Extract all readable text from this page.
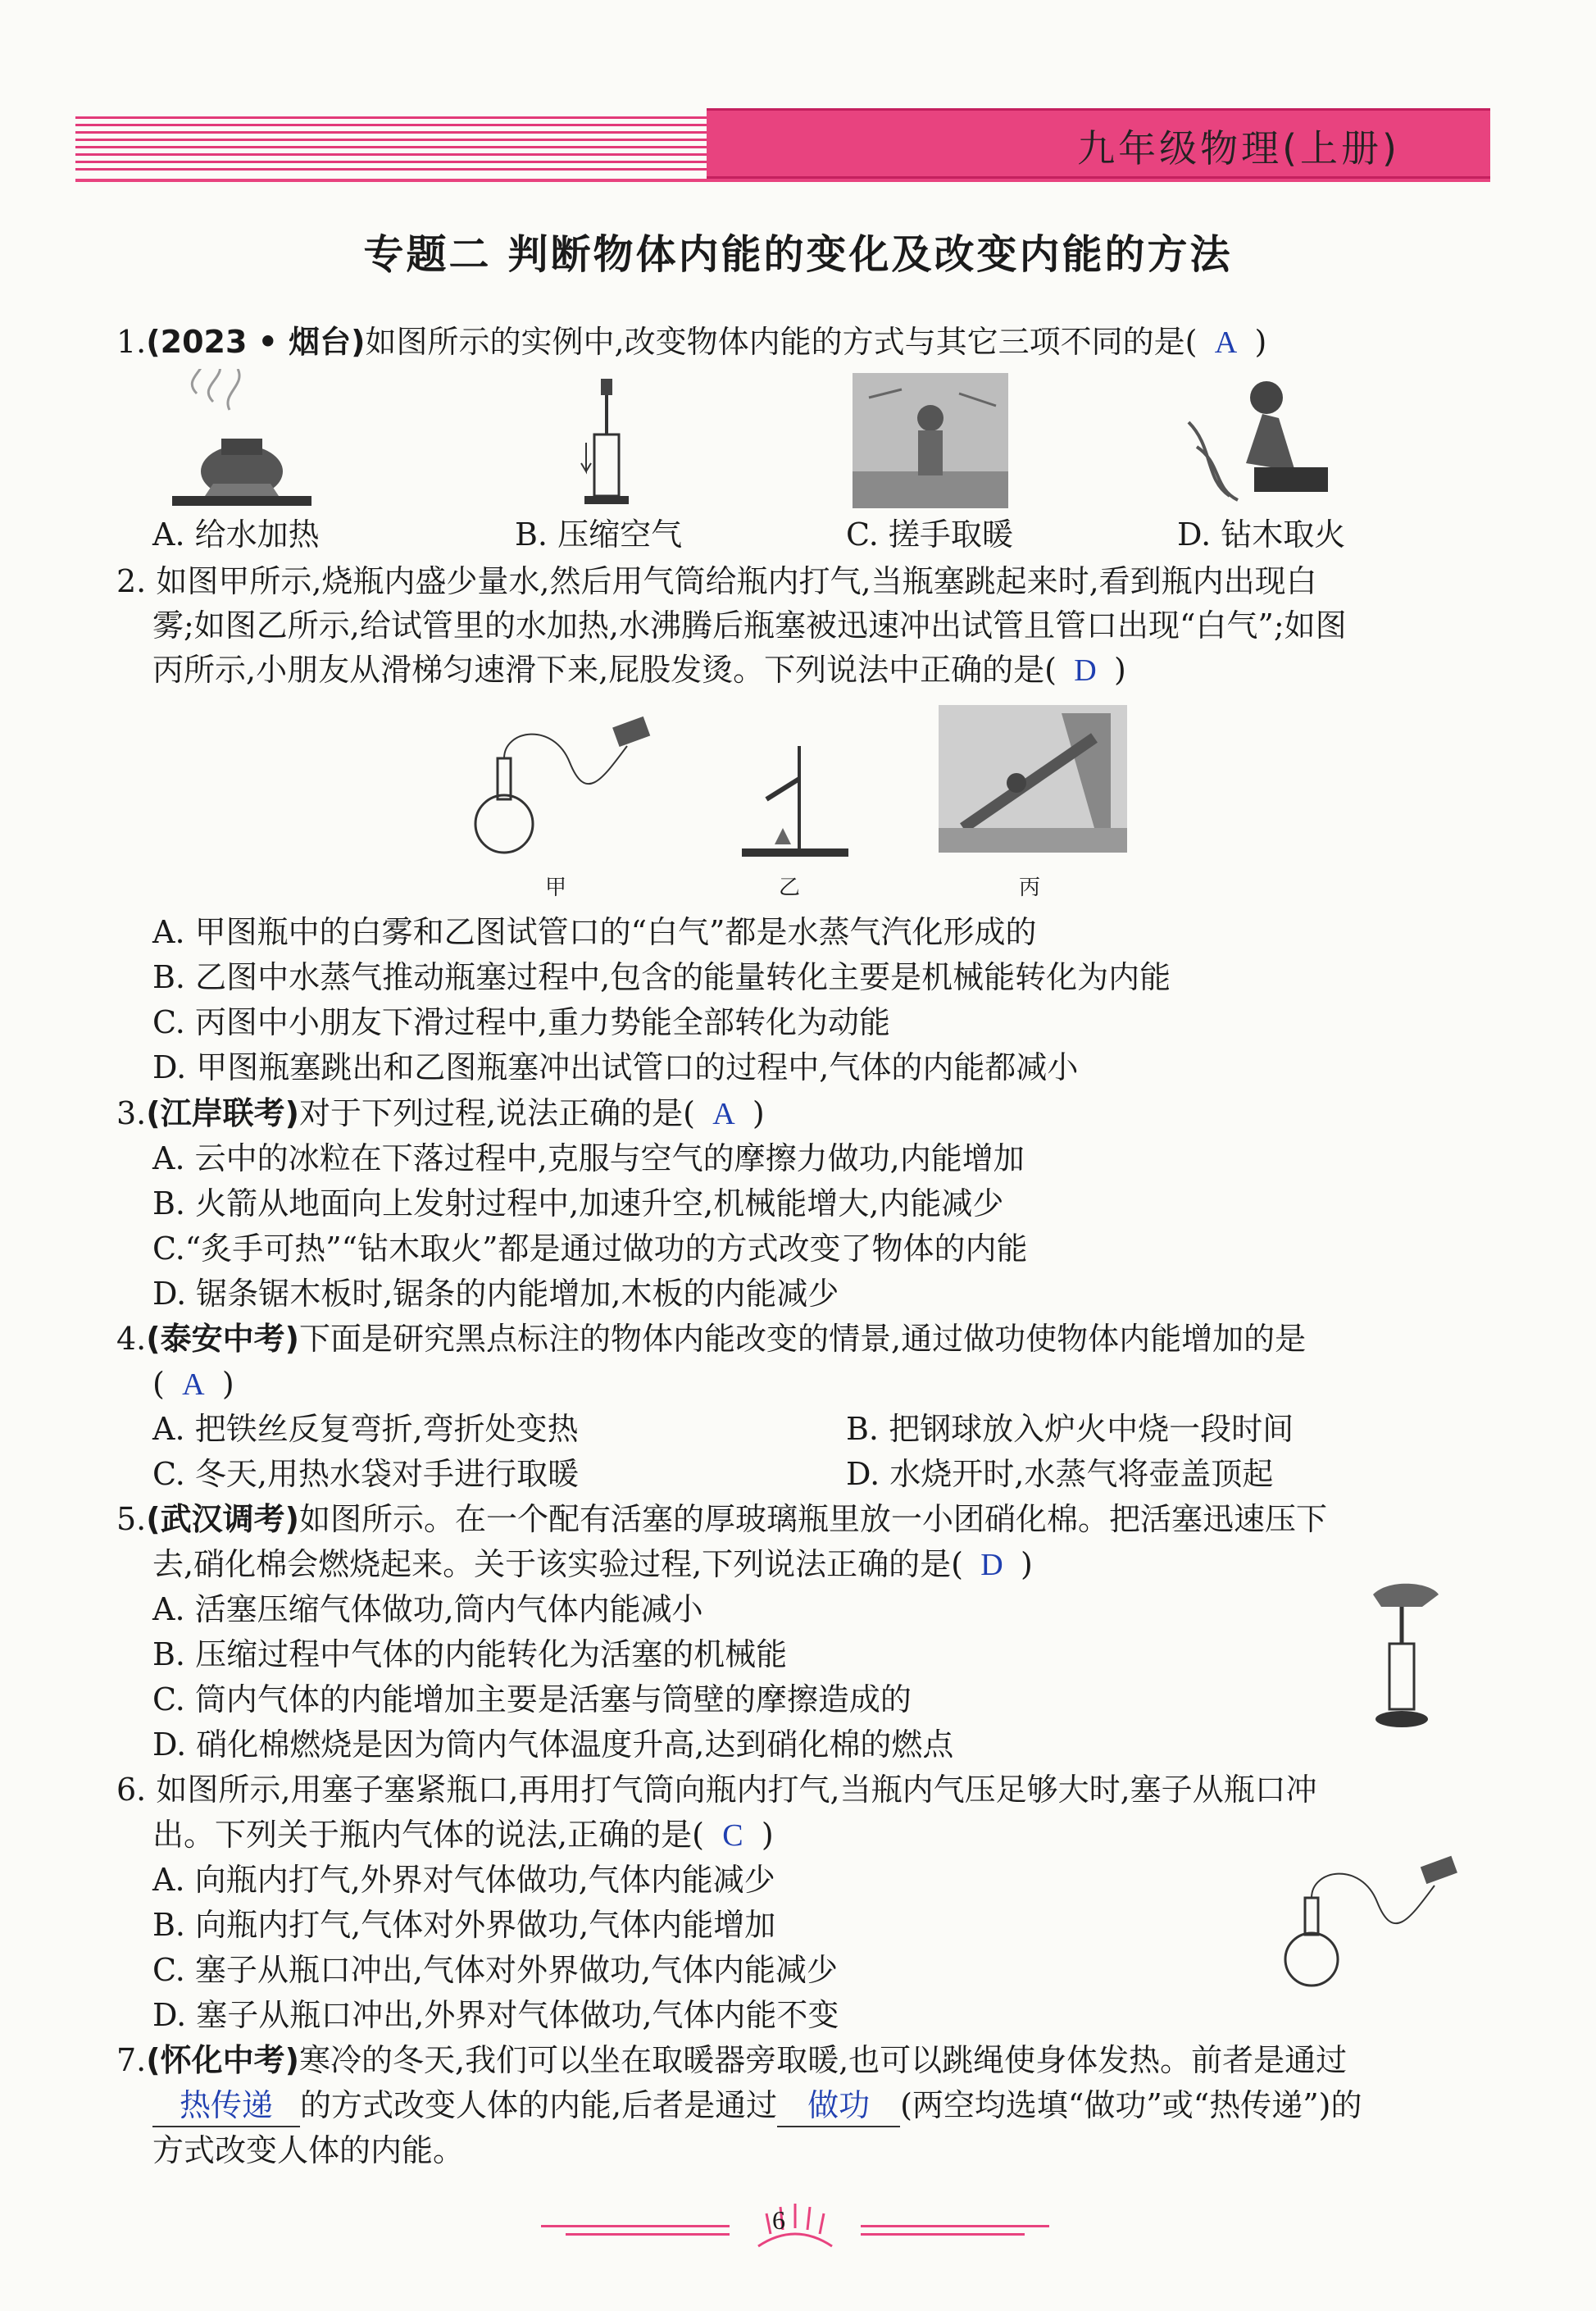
九年级物理(上册)
专题二 判断物体内能的变化及改变内能的方法
1.(2023 • 烟台)如图所示的实例中,改变物体内能的方式与其它三项不同的是( A )
A. 给水加热	B. 压缩空气	C. 搓手取暖	D. 钻木取火
2. 如图甲所示,烧瓶内盛少量水,然后用气筒给瓶内打气,当瓶塞跳起来时,看到瓶内出现白
雾;如图乙所示,给试管里的水加热,水沸腾后瓶塞被迅速冲出试管且管口出现“白气”;如图
丙所示,小朋友从滑梯匀速滑下来,屁股发烫。下列说法中正确的是( D )
甲	乙	丙
A. 甲图瓶中的白雾和乙图试管口的“白气”都是水蒸气汽化形成的
B. 乙图中水蒸气推动瓶塞过程中,包含的能量转化主要是机械能转化为内能
C. 丙图中小朋友下滑过程中,重力势能全部转化为动能
D. 甲图瓶塞跳出和乙图瓶塞冲出试管口的过程中,气体的内能都减小
3.(江岸联考)对于下列过程,说法正确的是( A )
A. 云中的冰粒在下落过程中,克服与空气的摩擦力做功,内能增加
B. 火箭从地面向上发射过程中,加速升空,机械能增大,内能减少
C.“炙手可热”“钻木取火”都是通过做功的方式改变了物体的内能
D. 锯条锯木板时,锯条的内能增加,木板的内能减少
4.(泰安中考)下面是研究黑点标注的物体内能改变的情景,通过做功使物体内能增加的是
( A )
A. 把铁丝反复弯折,弯折处变热	B. 把钢球放入炉火中烧一段时间
C. 冬天,用热水袋对手进行取暖	D. 水烧开时,水蒸气将壶盖顶起
5.(武汉调考)如图所示。在一个配有活塞的厚玻璃瓶里放一小团硝化棉。把活塞迅速压下
去,硝化棉会燃烧起来。关于该实验过程,下列说法正确的是( D )
A. 活塞压缩气体做功,筒内气体内能减小
B. 压缩过程中气体的内能转化为活塞的机械能
C. 筒内气体的内能增加主要是活塞与筒壁的摩擦造成的
D. 硝化棉燃烧是因为筒内气体温度升高,达到硝化棉的燃点
6. 如图所示,用塞子塞紧瓶口,再用打气筒向瓶内打气,当瓶内气压足够大时,塞子从瓶口冲
出。下列关于瓶内气体的说法,正确的是( C )
A. 向瓶内打气,外界对气体做功,气体内能减少
B. 向瓶内打气,气体对外界做功,气体内能增加
C. 塞子从瓶口冲出,气体对外界做功,气体内能减少
D. 塞子从瓶口冲出,外界对气体做功,气体内能不变
7.(怀化中考)寒冷的冬天,我们可以坐在取暖器旁取暖,也可以跳绳使身体发热。前者是通过
热传递 的方式改变人体的内能,后者是通过 做功 (两空均选填“做功”或“热传递”)的
方式改变人体的内能。
6
